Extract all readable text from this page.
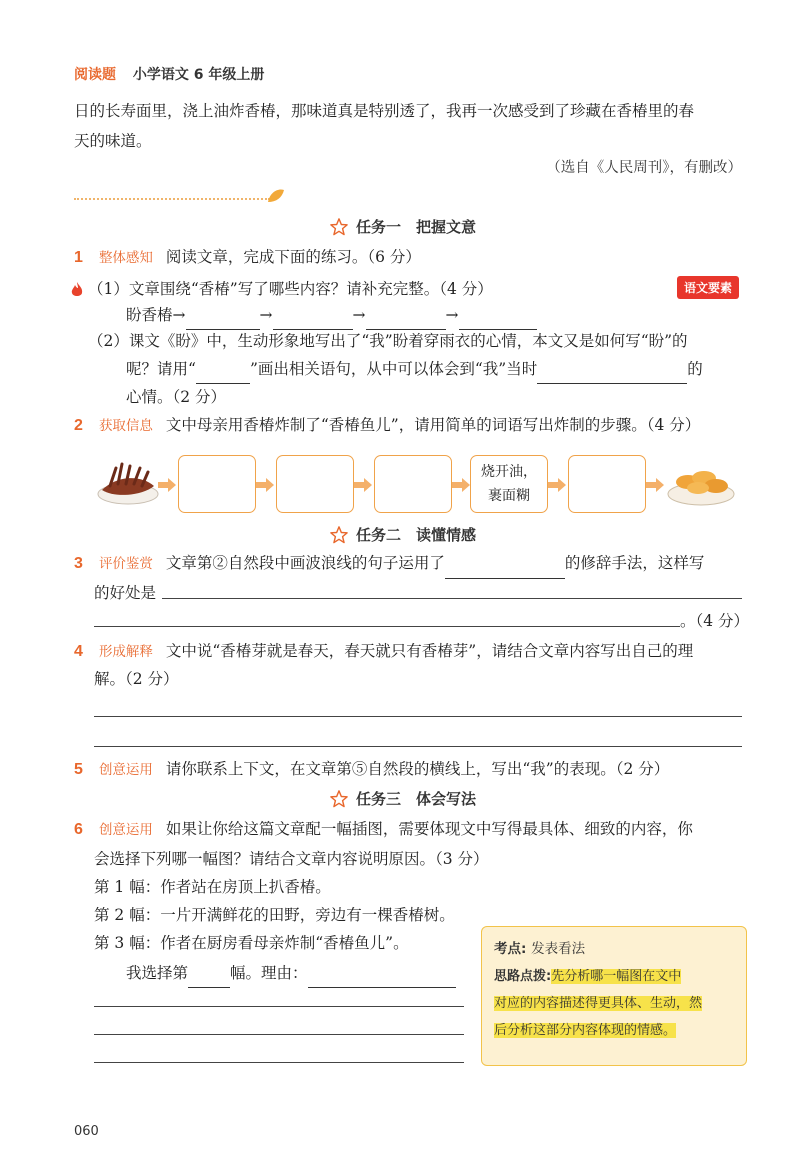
阅读题 小学语文 6 年级上册
日的长寿面里，浇上油炸香椿，那味道真是特别透了，我再一次感受到了珍藏在香椿里的春
天的味道。
（选自《人民周刊》，有删改）
任务一　把握文意
1 整体感知 阅读文章，完成下面的练习。（6 分）
语文要素
（1）文章围绕“香椿”写了哪些内容？请补充完整。（4 分）
盼香椿→	→	→	→
（2）课文《盼》中，生动形象地写出了“我”盼着穿雨衣的心情，本文又是如何写“盼”的
呢？请用“	”画出相关语句，从中可以体会到“我”当时	的
心情。（2 分）
2 获取信息 文中母亲用香椿炸制了“香椿鱼儿”，请用简单的词语写出炸制的步骤。（4 分）
烧开油，
裹面糊
任务二　读懂情感
3 评价鉴赏 文章第②自然段中画波浪线的句子运用了	的修辞手法，这样写
的好处是
。（4 分）
4 形成解释 文中说“香椿芽就是春天，春天就只有香椿芽”，请结合文章内容写出自己的理
解。（2 分）
5 创意运用 请你联系上下文，在文章第⑤自然段的横线上，写出“我”的表现。（2 分）
任务三　体会写法
6 创意运用 如果让你给这篇文章配一幅插图，需要体现文中写得最具体、细致的内容，你
会选择下列哪一幅图？请结合文章内容说明原因。（3 分）
第 1 幅：作者站在房顶上扒香椿。
第 2 幅：一片开满鲜花的田野，旁边有一棵香椿树。
第 3 幅：作者在厨房看母亲炸制“香椿鱼儿”。
我选择第	幅。理由：
考点: 发表看法
思路点拨:先分析哪一幅图在文中
对应的内容描述得更具体、生动，然
后分析这部分内容体现的情感。
060
